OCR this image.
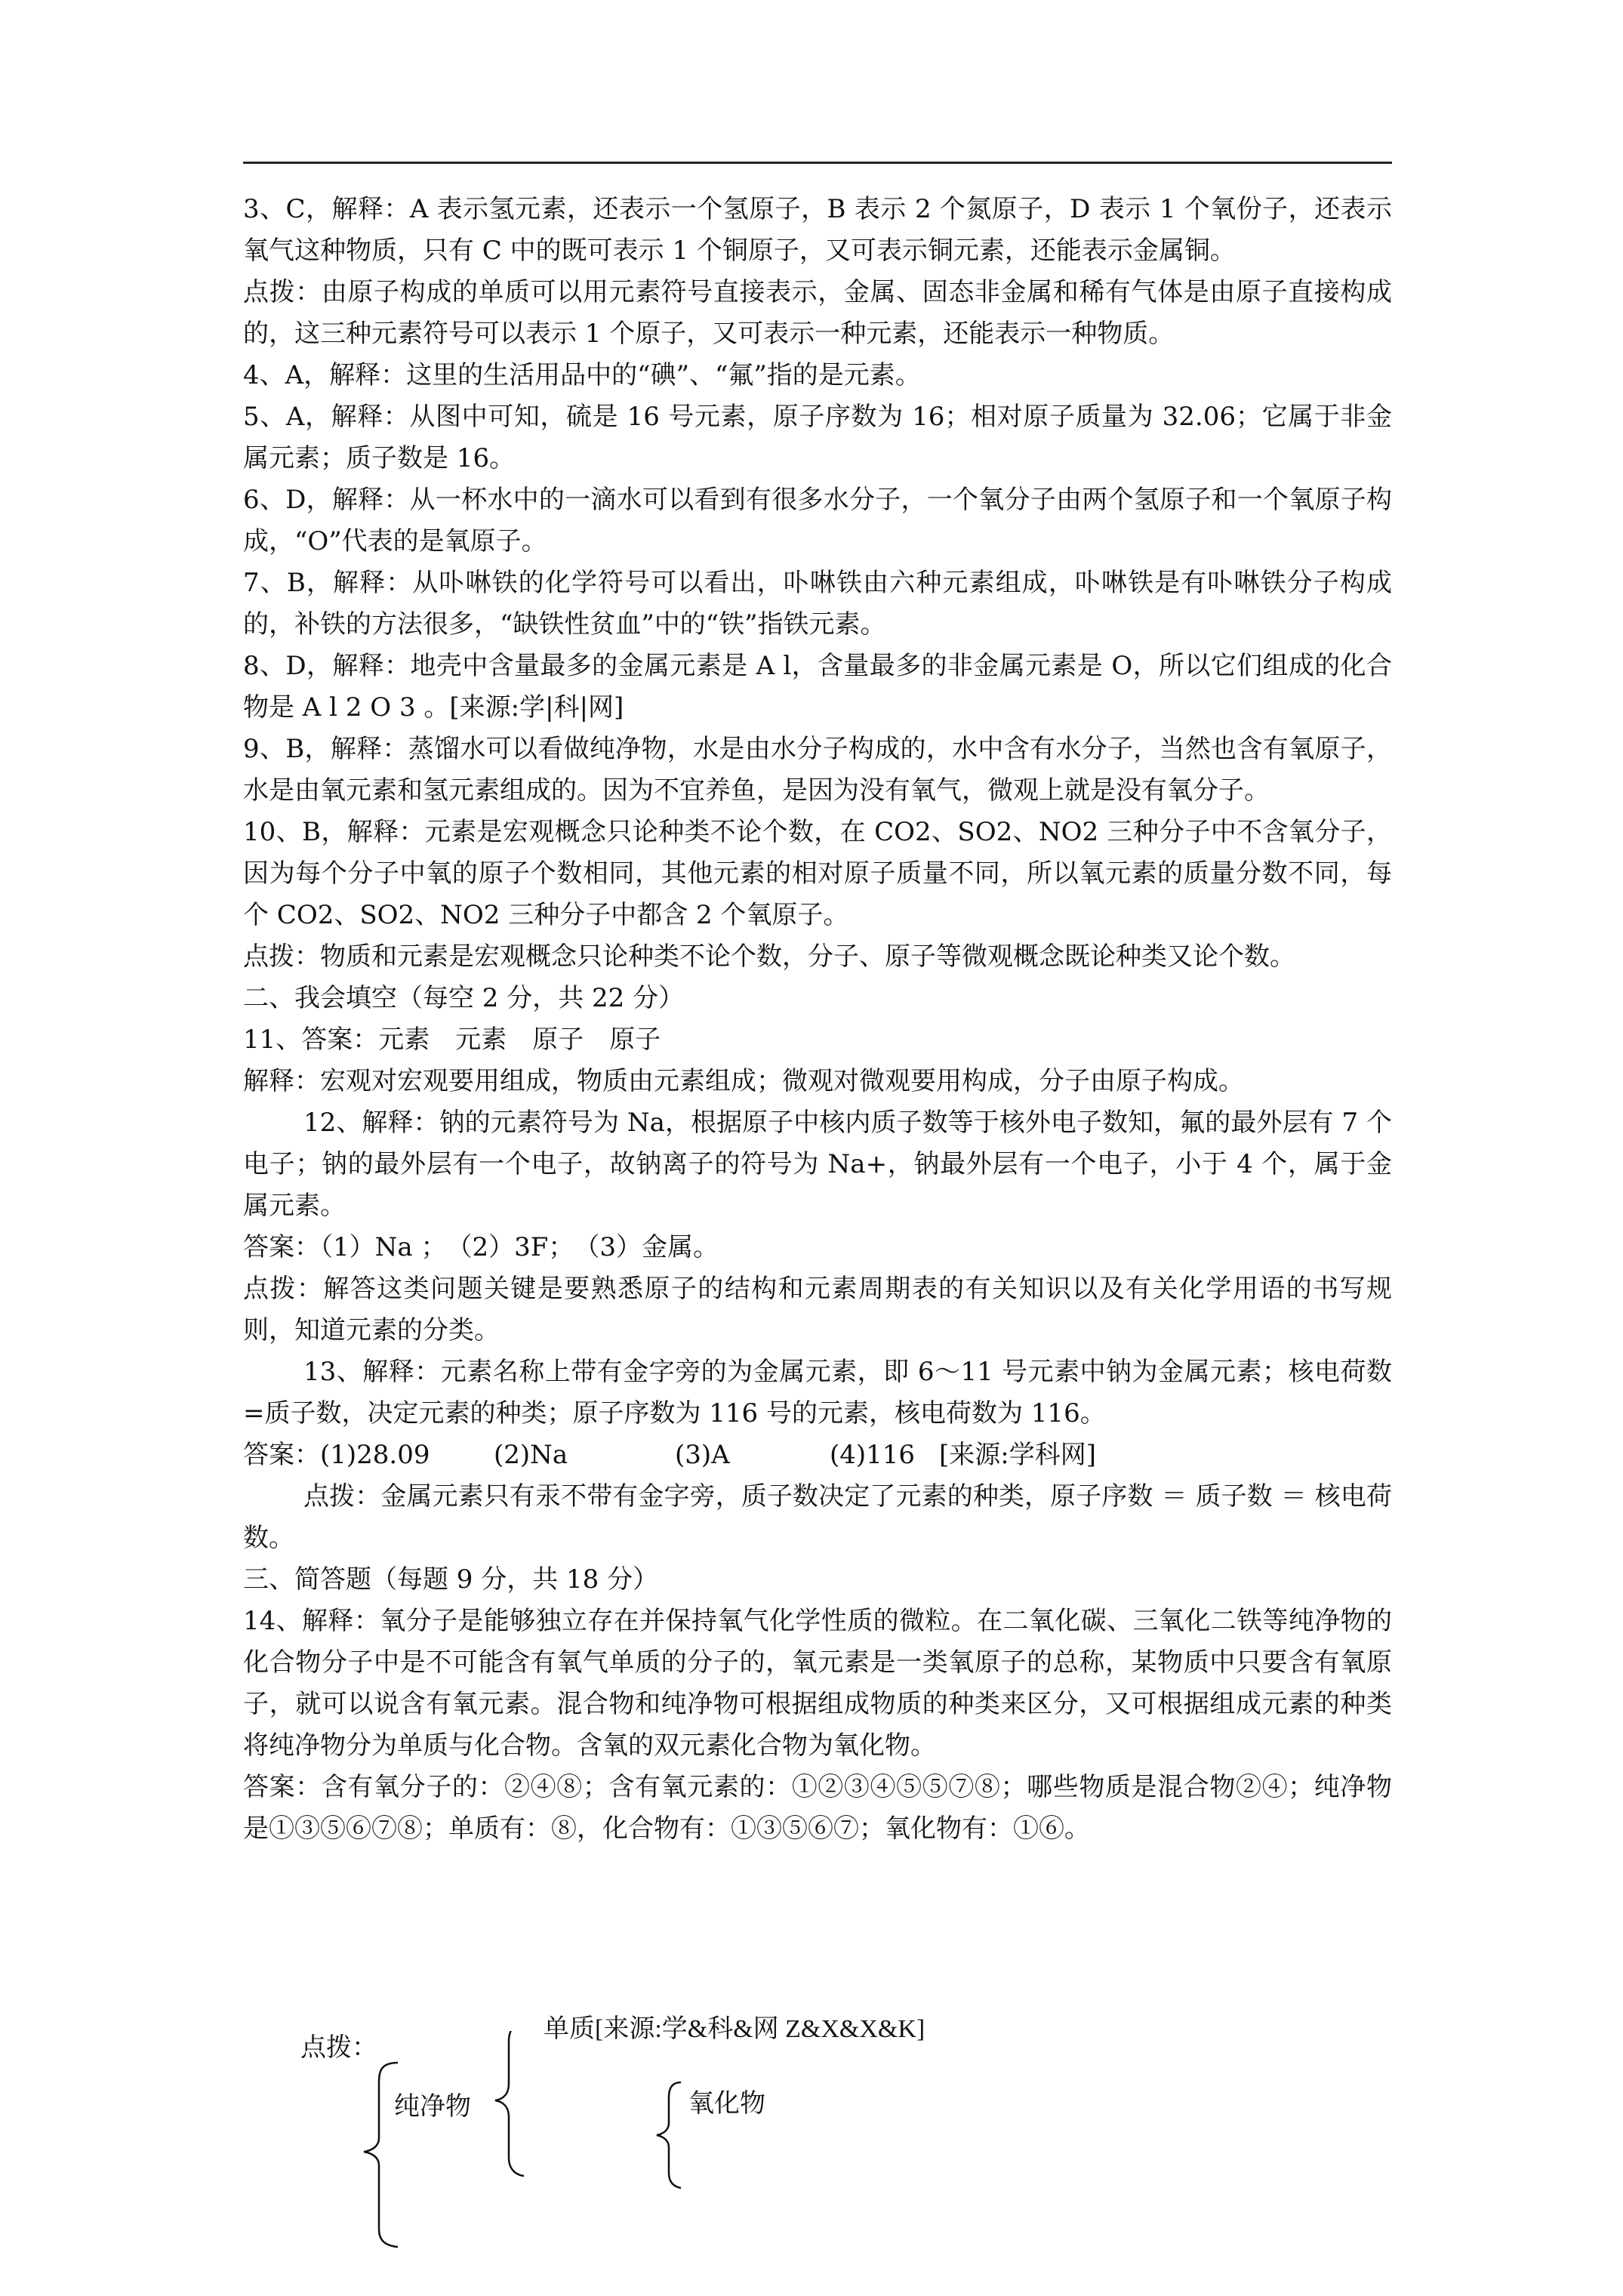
3、C，解释：A 表示氢元素，还表示一个氢原子，B 表示 2 个氮原子，D 表示 1 个氧份子，还表示氧气这种物质，只有 C 中的既可表示 1 个铜原子，又可表示铜元素，还能表示金属铜。

点拨：由原子构成的单质可以用元素符号直接表示，金属、固态非金属和稀有气体是由原子直接构成的，这三种元素符号可以表示 1 个原子，又可表示一种元素，还能表示一种物质。

4、A，解释：这里的生活用品中的“碘”、“氟”指的是元素。

5、A，解释：从图中可知，硫是 16 号元素，原子序数为 16；相对原子质量为 32.06；它属于非金属元素；质子数是 16。

6、D，解释：从一杯水中的一滴水可以看到有很多水分子，一个氧分子由两个氢原子和一个氧原子构成，“O”代表的是氧原子。

7、B，解释：从卟啉铁的化学符号可以看出，卟啉铁由六种元素组成，卟啉铁是有卟啉铁分子构成的，补铁的方法很多，“缺铁性贫血”中的“铁”指铁元素。

8、D，解释：地壳中含量最多的金属元素是 A l，含量最多的非金属元素是 O，所以它们组成的化合物是 A l 2 O 3 。[来源:学|科|网]

9、B，解释：蒸馏水可以看做纯净物，水是由水分子构成的，水中含有水分子，当然也含有氧原子，水是由氧元素和氢元素组成的。因为不宜养鱼，是因为没有氧气，微观上就是没有氧分子。

10、B，解释：元素是宏观概念只论种类不论个数，在 CO2、SO2、NO2 三种分子中不含氧分子，因为每个分子中氧的原子个数相同，其他元素的相对原子质量不同，所以氧元素的质量分数不同，每个 CO2、SO2、NO2 三种分子中都含 2 个氧原子。

点拨：物质和元素是宏观概念只论种类不论个数，分子、原子等微观概念既论种类又论个数。

二、我会填空（每空 2 分，共 22 分）

11、答案：元素　元素　原子　原子

解释：宏观对宏观要用组成，物质由元素组成；微观对微观要用构成，分子由原子构成。

12、解释：钠的元素符号为 Na，根据原子中核内质子数等于核外电子数知，氟的最外层有 7 个电子；钠的最外层有一个电子，故钠离子的符号为 Na+，钠最外层有一个电子，小于 4 个，属于金属元素。

答案：（1）Na ；　（2）3F；　（3）金属。

点拨：解答这类问题关键是要熟悉原子的结构和元素周期表的有关知识以及有关化学用语的书写规则，知道元素的分类。

13、解释：元素名称上带有金字旁的为金属元素，即 6～11 号元素中钠为金属元素；核电荷数=质子数，决定元素的种类；原子序数为 116 号的元素，核电荷数为 116。

答案：(1)28.09 (2)Na	(3)A	(4)116 [来源:学科网]

点拨：金属元素只有汞不带有金字旁，质子数决定了元素的种类，原子序数 ＝ 质子数 ＝ 核电荷数。

三、简答题（每题 9 分，共 18 分）

14、解释：氧分子是能够独立存在并保持氧气化学性质的微粒。在二氧化碳、三氧化二铁等纯净物的化合物分子中是不可能含有氧气单质的分子的，氧元素是一类氧原子的总称，某物质中只要含有氧原子，就可以说含有氧元素。混合物和纯净物可根据组成物质的种类来区分，又可根据组成元素的种类将纯净物分为单质与化合物。含氧的双元素化合物为氧化物。

答案：含有氧分子的：②④⑧；含有氧元素的：①②③④⑤⑤⑦⑧；哪些物质是混合物②④；纯净物是①③⑤⑥⑦⑧；单质有：⑧，化合物有：①③⑤⑥⑦；氧化物有：①⑥。

点拨：
纯净物
单质[来源:学&科&网 Z&X&X&K]
氧化物
